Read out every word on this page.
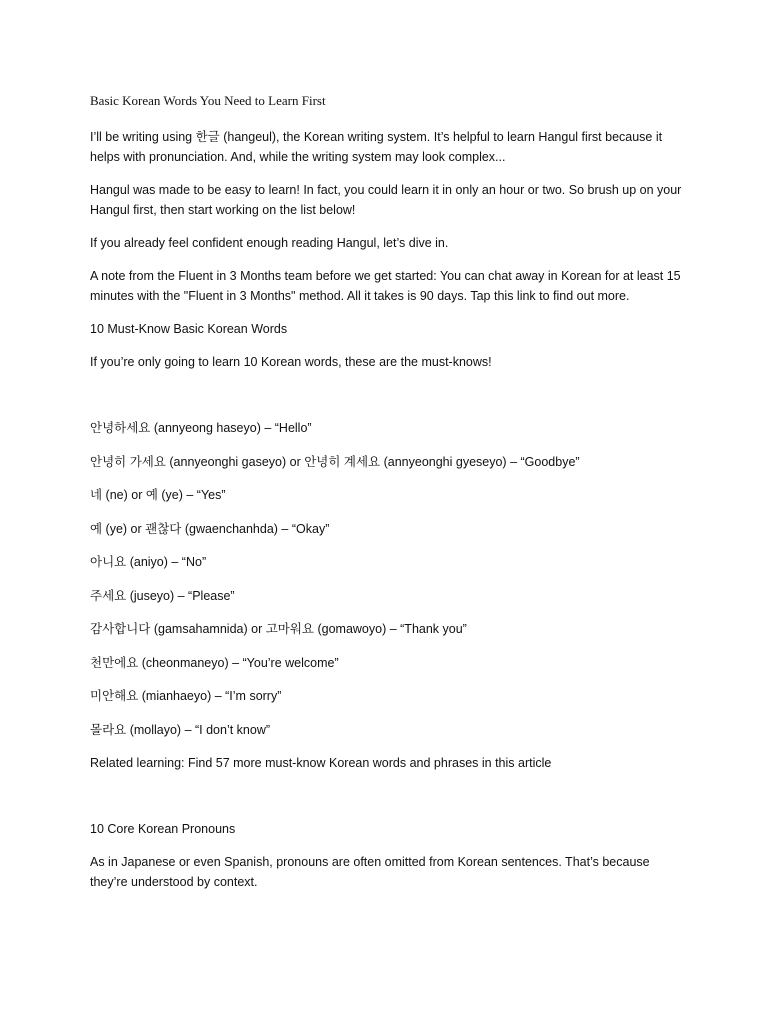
Basic Korean Words You Need to Learn First

I’ll be writing using 한글 (hangeul), the Korean writing system. It’s helpful to learn Hangul first because it helps with pronunciation. And, while the writing system may look complex...

Hangul was made to be easy to learn! In fact, you could learn it in only an hour or two. So brush up on your Hangul first, then start working on the list below!

If you already feel confident enough reading Hangul, let’s dive in.

A note from the Fluent in 3 Months team before we get started: You can chat away in Korean for at least 15 minutes with the "Fluent in 3 Months" method. All it takes is 90 days. Tap this link to find out more.

10 Must-Know Basic Korean Words

If you’re only going to learn 10 Korean words, these are the must-knows!

안녕하세요 (annyeong haseyo) – “Hello”
안녕히 가세요 (annyeonghi gaseyo) or 안녕히 계세요 (annyeonghi gyeseyo) – “Goodbye”
네 (ne) or 예 (ye) – “Yes”
예 (ye) or 괜찮다 (gwaenchanhda) – “Okay”
아니요 (aniyo) – “No”
주세요 (juseyo) – “Please”
감사합니다 (gamsahamnida) or 고마워요 (gomawoyo) – “Thank you”
천만에요 (cheonmaneyo) – “You’re welcome”
미안해요 (mianhaeyo) – “I’m sorry”
몰라요 (mollayo) – “I don’t know”

Related learning: Find 57 more must-know Korean words and phrases in this article

10 Core Korean Pronouns

As in Japanese or even Spanish, pronouns are often omitted from Korean sentences. That’s because they’re understood by context.
